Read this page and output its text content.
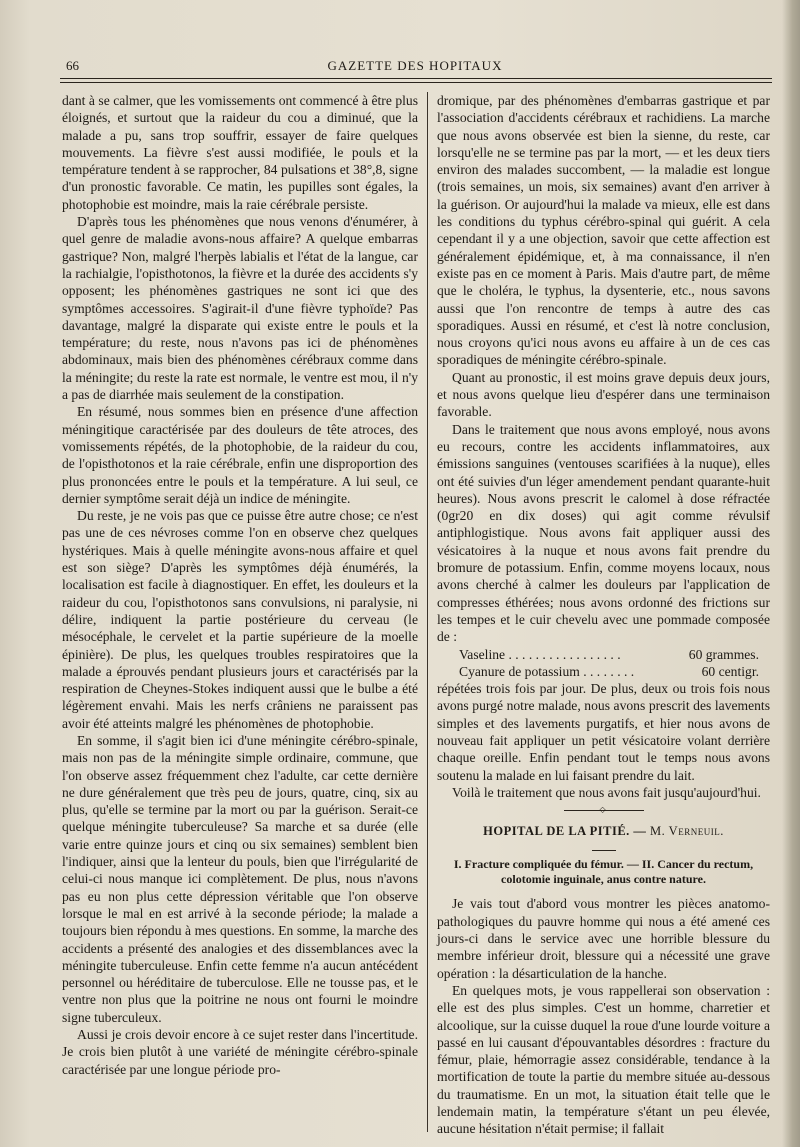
66	GAZETTE DES HOPITAUX

dant à se calmer, que les vomissements ont commencé à être plus éloignés, et surtout que la raideur du cou a diminué, que la malade a pu, sans trop souffrir, essayer de faire quelques mouvements. La fièvre s'est aussi modifiée, le pouls et la température tendent à se rapprocher, 84 pulsations et 38°,8, signe d'un pronostic favorable. Ce matin, les pupilles sont égales, la photophobie est moindre, mais la raie cérébrale persiste.

D'après tous les phénomènes que nous venons d'énumérer, à quel genre de maladie avons-nous affaire? A quelque embarras gastrique? Non, malgré l'herpès labialis et l'état de la langue, car la rachialgie, l'opisthotonos, la fièvre et la durée des accidents s'y opposent; les phénomènes gastriques ne sont ici que des symptômes accessoires. S'agirait-il d'une fièvre typhoïde? Pas davantage, malgré la disparate qui existe entre le pouls et la température; du reste, nous n'avons pas ici de phénomènes abdominaux, mais bien des phénomènes cérébraux comme dans la méningite; du reste la rate est normale, le ventre est mou, il n'y a pas de diarrhée mais seulement de la constipation.

En résumé, nous sommes bien en présence d'une affection méningitique caractérisée par des douleurs de tête atroces, des vomissements répétés, de la photophobie, de la raideur du cou, de l'opisthotonos et la raie cérébrale, enfin une disproportion des plus prononcées entre le pouls et la température. A lui seul, ce dernier symptôme serait déjà un indice de méningite.

Du reste, je ne vois pas que ce puisse être autre chose; ce n'est pas une de ces névroses comme l'on en observe chez quelques hystériques. Mais à quelle méningite avons-nous affaire et quel est son siège? D'après les symptômes déjà énumérés, la localisation est facile à diagnostiquer. En effet, les douleurs et la raideur du cou, l'opisthotonos sans convulsions, ni paralysie, ni délire, indiquent la partie postérieure du cerveau (le mésocéphale, le cervelet et la partie supérieure de la moelle épinière). De plus, les quelques troubles respiratoires que la malade a éprouvés pendant plusieurs jours et caractérisés par la respiration de Cheynes-Stokes indiquent aussi que le bulbe a été légèrement envahi. Mais les nerfs crâniens ne paraissent pas avoir été atteints malgré les phénomènes de photophobie.

En somme, il s'agit bien ici d'une méningite cérébro-spinale, mais non pas de la méningite simple ordinaire, commune, que l'on observe assez fréquemment chez l'adulte, car cette dernière ne dure généralement que très peu de jours, quatre, cinq, six au plus, qu'elle se termine par la mort ou par la guérison. Serait-ce quelque méningite tuberculeuse? Sa marche et sa durée (elle varie entre quinze jours et cinq ou six semaines) semblent bien l'indiquer, ainsi que la lenteur du pouls, bien que l'irrégularité de celui-ci nous manque ici complètement. De plus, nous n'avons pas eu non plus cette dépression véritable que l'on observe lorsque le mal en est arrivé à la seconde période; la malade a toujours bien répondu à mes questions. En somme, la marche des accidents a présenté des analogies et des dissemblances avec la méningite tuberculeuse. Enfin cette femme n'a aucun antécédent personnel ou héréditaire de tuberculose. Elle ne tousse pas, et le ventre non plus que la poitrine ne nous ont fourni le moindre signe tuberculeux.

Aussi je crois devoir encore à ce sujet rester dans l'incertitude. Je crois bien plutôt à une variété de méningite cérébro-spinale caractérisée par une longue période pro-

dromique, par des phénomènes d'embarras gastrique et par l'association d'accidents cérébraux et rachidiens. La marche que nous avons observée est bien la sienne, du reste, car lorsqu'elle ne se termine pas par la mort, — et les deux tiers environ des malades succombent, — la maladie est longue (trois semaines, un mois, six semaines) avant d'en arriver à la guérison. Or aujourd'hui la malade va mieux, elle est dans les conditions du typhus cérébro-spinal qui guérit. A cela cependant il y a une objection, savoir que cette affection est généralement épidémique, et, à ma connaissance, il n'en existe pas en ce moment à Paris. Mais d'autre part, de même que le choléra, le typhus, la dysenterie, etc., nous savons aussi que l'on rencontre de temps à autre des cas sporadiques. Aussi en résumé, et c'est là notre conclusion, nous croyons qu'ici nous avons eu affaire à un de ces cas sporadiques de méningite cérébro-spinale.

Quant au pronostic, il est moins grave depuis deux jours, et nous avons quelque lieu d'espérer dans une terminaison favorable.

Dans le traitement que nous avons employé, nous avons eu recours, contre les accidents inflammatoires, aux émissions sanguines (ventouses scarifiées à la nuque), elles ont été suivies d'un léger amendement pendant quarante-huit heures). Nous avons prescrit le calomel à dose réfractée (0gr20 en dix doses) qui agit comme révulsif antiphlogistique. Nous avons fait appliquer aussi des vésicatoires à la nuque et nous avons fait prendre du bromure de potassium. Enfin, comme moyens locaux, nous avons cherché à calmer les douleurs par l'application de compresses éthérées; nous avons ordonné des frictions sur les tempes et le cuir chevelu avec une pommade composée de :

Vaseline . . . . . . . . . . . . . . . . .	60 grammes.
Cyanure de potassium . . . . . . . .	60 centigr.

répétées trois fois par jour. De plus, deux ou trois fois nous avons purgé notre malade, nous avons prescrit des lavements simples et des lavements purgatifs, et hier nous avons de nouveau fait appliquer un petit vésicatoire volant derrière chaque oreille. Enfin pendant tout le temps nous avons soutenu la malade en lui faisant prendre du lait.

Voilà le traitement que nous avons fait jusqu'aujourd'hui.

◇
HOPITAL DE LA PITIÉ. — M. Verneuil.
I. Fracture compliquée du fémur. — II. Cancer du rectum, colotomie inguinale, anus contre nature.

Je vais tout d'abord vous montrer les pièces anatomo-pathologiques du pauvre homme qui nous a été amené ces jours-ci dans le service avec une horrible blessure du membre inférieur droit, blessure qui a nécessité une grave opération : la désarticulation de la hanche.

En quelques mots, je vous rappellerai son observation : elle est des plus simples. C'est un homme, charretier et alcoolique, sur la cuisse duquel la roue d'une lourde voiture a passé en lui causant d'épouvantables désordres : fracture du fémur, plaie, hémorragie assez considérable, tendance à la mortification de toute la partie du membre située au-dessous du traumatisme. En un mot, la situation était telle que le lendemain matin, la température s'étant un peu élevée, aucune hésitation n'était permise; il fallait
